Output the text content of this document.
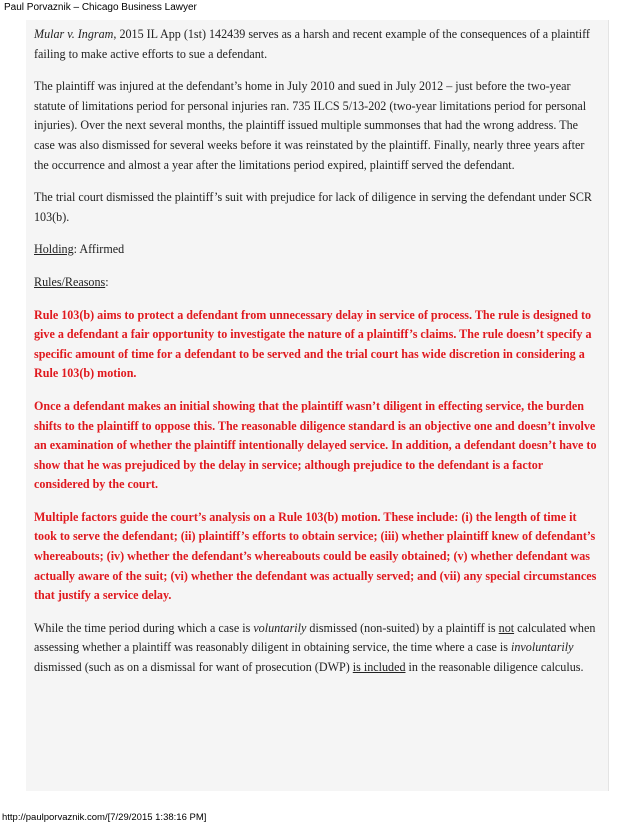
Paul Porvaznik – Chicago Business Lawyer

Mular v. Ingram, 2015 IL App (1st) 142439 serves as a harsh and recent example of the consequences of a plaintiff failing to make active efforts to sue a defendant.

The plaintiff was injured at the defendant’s home in July 2010 and sued in July 2012 – just before the two-year statute of limitations period for personal injuries ran. 735 ILCS 5/13-202 (two-year limitations period for personal injuries). Over the next several months, the plaintiff issued multiple summonses that had the wrong address. The case was also dismissed for several weeks before it was reinstated by the plaintiff. Finally, nearly three years after the occurrence and almost a year after the limitations period expired, plaintiff served the defendant.

The trial court dismissed the plaintiff’s suit with prejudice for lack of diligence in serving the defendant under SCR 103(b).

Holding: Affirmed

Rules/Reasons:

Rule 103(b) aims to protect a defendant from unnecessary delay in service of process. The rule is designed to give a defendant a fair opportunity to investigate the nature of a plaintiff’s claims. The rule doesn’t specify a specific amount of time for a defendant to be served and the trial court has wide discretion in considering a Rule 103(b) motion.

Once a defendant makes an initial showing that the plaintiff wasn’t diligent in effecting service, the burden shifts to the plaintiff to oppose this. The reasonable diligence standard is an objective one and doesn’t involve an examination of whether the plaintiff intentionally delayed service. In addition, a defendant doesn’t have to show that he was prejudiced by the delay in service; although prejudice to the defendant is a factor considered by the court.

Multiple factors guide the court’s analysis on a Rule 103(b) motion. These include: (i) the length of time it took to serve the defendant; (ii) plaintiff’s efforts to obtain service; (iii) whether plaintiff knew of defendant’s whereabouts; (iv) whether the defendant’s whereabouts could be easily obtained; (v) whether defendant was actually aware of the suit; (vi) whether the defendant was actually served; and (vii) any special circumstances that justify a service delay.

While the time period during which a case is voluntarily dismissed (non-suited) by a plaintiff is not calculated when assessing whether a plaintiff was reasonably diligent in obtaining service, the time where a case is involuntarily dismissed (such as on a dismissal for want of prosecution (DWP) is included in the reasonable diligence calculus.

http://paulporvaznik.com/[7/29/2015 1:38:16 PM]
